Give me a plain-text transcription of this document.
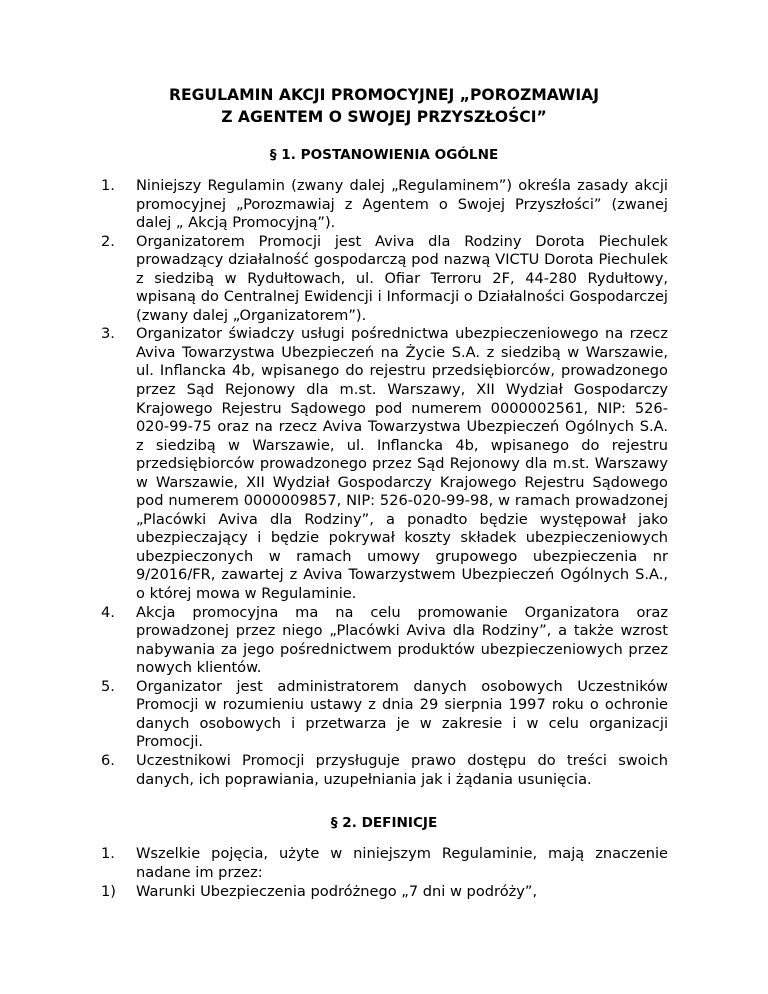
REGULAMIN AKCJI PROMOCYJNEJ „POROZMAWIAJ
Z AGENTEM O SWOJEJ PRZYSZŁOŚCI”
§ 1. POSTANOWIENIA OGÓLNE
1.	Niniejszy Regulamin (zwany dalej „Regulaminem”) określa zasady akcji promocyjnej „Porozmawiaj z Agentem o Swojej Przyszłości” (zwanej dalej „ Akcją Promocyjną”).
2.	Organizatorem Promocji jest Aviva dla Rodziny Dorota Piechulek prowadzący działalność gospodarczą pod nazwą VICTU Dorota Piechulek z siedzibą w Rydułtowach, ul. Ofiar Terroru 2F, 44-280 Rydułtowy, wpisaną do Centralnej Ewidencji i Informacji o Działalności Gospodarczej (zwany dalej „Organizatorem”).
3.	Organizator świadczy usługi pośrednictwa ubezpieczeniowego na rzecz Aviva Towarzystwa Ubezpieczeń na Życie S.A. z siedzibą w Warszawie, ul. Inflancka 4b, wpisanego do rejestru przedsiębiorców, prowadzonego przez Sąd Rejonowy dla m.st. Warszawy, XII Wydział Gospodarczy Krajowego Rejestru Sądowego pod numerem 0000002561, NIP: 526-020-99-75 oraz na rzecz Aviva Towarzystwa Ubezpieczeń Ogólnych S.A. z siedzibą w Warszawie, ul. Inflancka 4b, wpisanego do rejestru przedsiębiorców prowadzonego przez Sąd Rejonowy dla m.st. Warszawy w Warszawie, XII Wydział Gospodarczy Krajowego Rejestru Sądowego pod numerem 0000009857, NIP: 526-020-99-98, w ramach prowadzonej „Placówki Aviva dla Rodziny”, a ponadto będzie występował jako ubezpieczający i będzie pokrywał koszty składek ubezpieczeniowych ubezpieczonych w ramach umowy grupowego ubezpieczenia nr 9/2016/FR, zawartej z Aviva Towarzystwem Ubezpieczeń Ogólnych S.A., o której mowa w Regulaminie.
4.	Akcja promocyjna ma na celu promowanie Organizatora oraz prowadzonej przez niego „Placówki Aviva dla Rodziny”, a także wzrost nabywania za jego pośrednictwem produktów ubezpieczeniowych przez nowych klientów.
5.	Organizator jest administratorem danych osobowych Uczestników Promocji w rozumieniu ustawy z dnia 29 sierpnia 1997 roku o ochronie danych osobowych i przetwarza je w zakresie i w celu organizacji Promocji.
6.	Uczestnikowi Promocji przysługuje prawo dostępu do treści swoich danych, ich poprawiania, uzupełniania jak i żądania usunięcia.
§ 2. DEFINICJE
1.	Wszelkie pojęcia, użyte w niniejszym Regulaminie, mają znaczenie nadane im przez:
1) Warunki Ubezpieczenia podróżnego „7 dni w podróży”,
